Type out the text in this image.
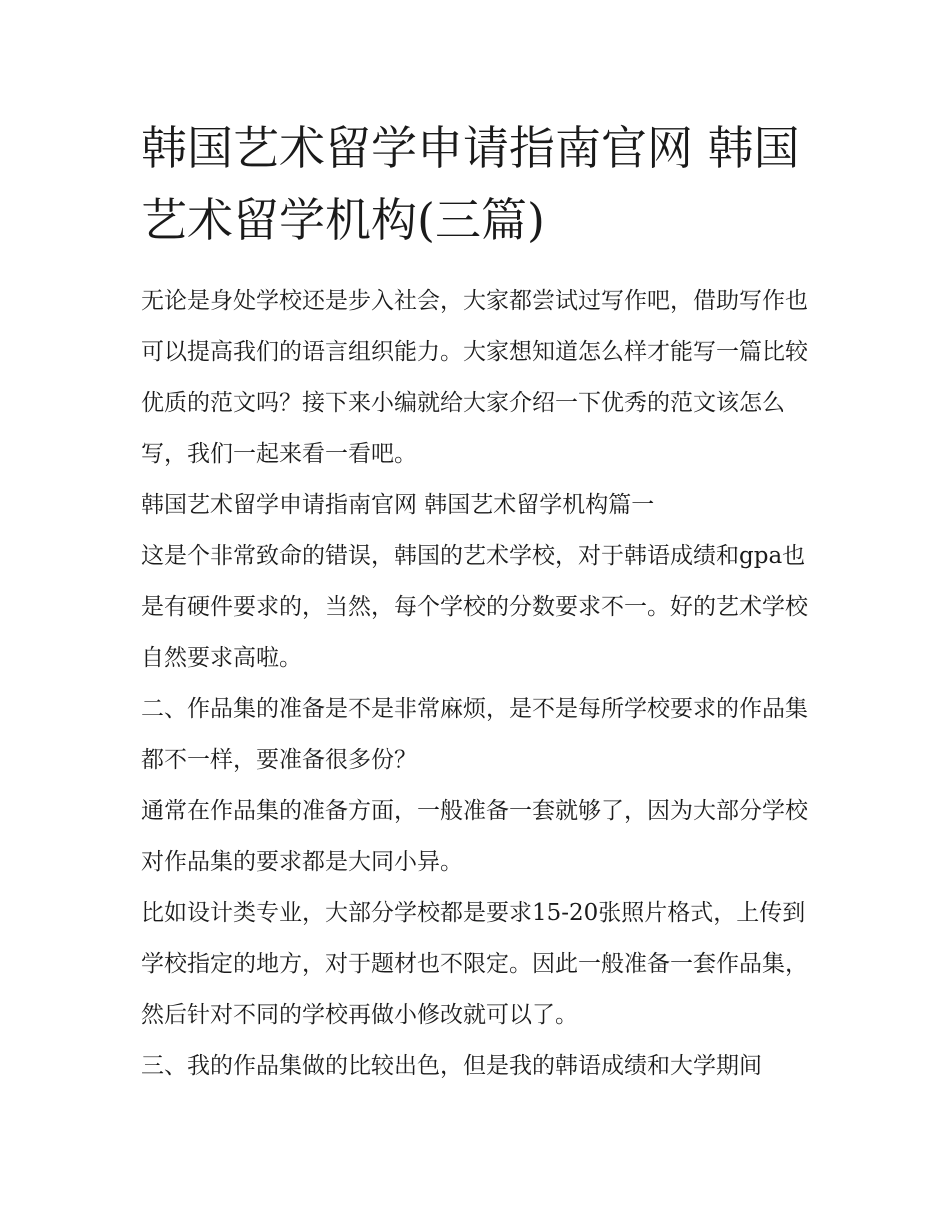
韩国艺术留学申请指南官网 韩国艺术留学机构(三篇)

无论是身处学校还是步入社会，大家都尝试过写作吧，借助写作也可以提高我们的语言组织能力。大家想知道怎么样才能写一篇比较优质的范文吗？接下来小编就给大家介绍一下优秀的范文该怎么写，我们一起来看一看吧。

韩国艺术留学申请指南官网 韩国艺术留学机构篇一

这是个非常致命的错误，韩国的艺术学校，对于韩语成绩和gpa也是有硬件要求的，当然，每个学校的分数要求不一。好的艺术学校自然要求高啦。

二、作品集的准备是不是非常麻烦，是不是每所学校要求的作品集都不一样，要准备很多份？

通常在作品集的准备方面，一般准备一套就够了，因为大部分学校对作品集的要求都是大同小异。

比如设计类专业，大部分学校都是要求15-20张照片格式，上传到学校指定的地方，对于题材也不限定。因此一般准备一套作品集，然后针对不同的学校再做小修改就可以了。

三、我的作品集做的比较出色，但是我的韩语成绩和大学期间
